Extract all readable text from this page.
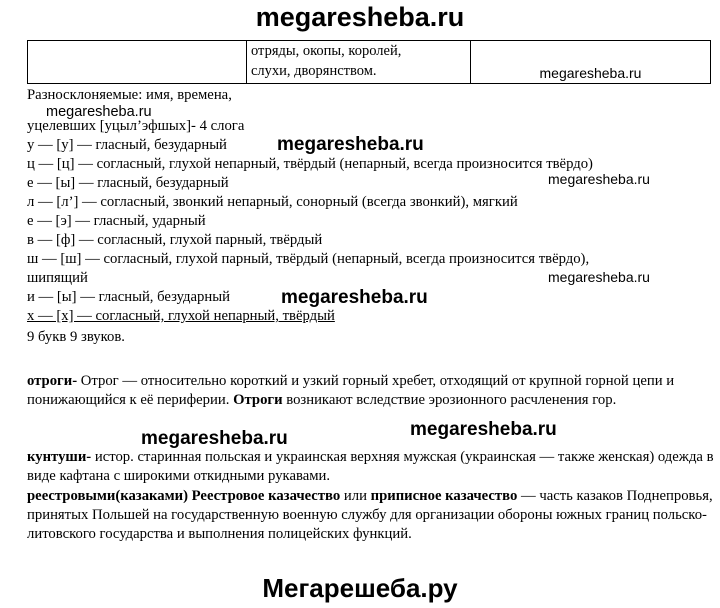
megaresheba.ru

отряды, окопы, королей,
слухи, дворянством.	megaresheba.ru
Разносклоняемые: имя, времена,
megaresheba.ru
уцелевших [уцыл’эфшых]- 4 слога
у — [у] — гласный, безударный	megaresheba.ru
ц — [ц] — согласный, глухой непарный, твёрдый (непарный, всегда произносится твёрдо)
megaresheba.ru
е — [ы] — гласный, безударный
л — [л’] — согласный, звонкий непарный, сонорный (всегда звонкий), мягкий
е — [э] — гласный, ударный
в — [ф] — согласный, глухой парный, твёрдый
ш — [ш] — согласный, глухой парный, твёрдый (непарный, всегда произносится твёрдо),
megaresheba.ru
шипящий
и — [ы] — гласный, безударный	megaresheba.ru
х — [х] — согласный, глухой непарный, твёрдый
9 букв 9 звуков.
отроги- Отрог — относительно короткий и узкий горный хребет, отходящий от крупной горной цепи и понижающийся к её периферии. Отроги возникают вследствие эрозионного расчленения гор.
megaresheba.ru	megaresheba.ru
кунтуши- истор. старинная польская и украинская верхняя мужская (украинская — также женская) одежда в виде кафтана с широкими откидными рукавами.
реестровыми(казаками) Реестровое казачество или приписное казачество — часть казаков Поднепровья, принятых Польшей на государственную военную службу для организации обороны южных границ польско-литовского государства и выполнения полицейских функций.
Мегарешеба.ру
